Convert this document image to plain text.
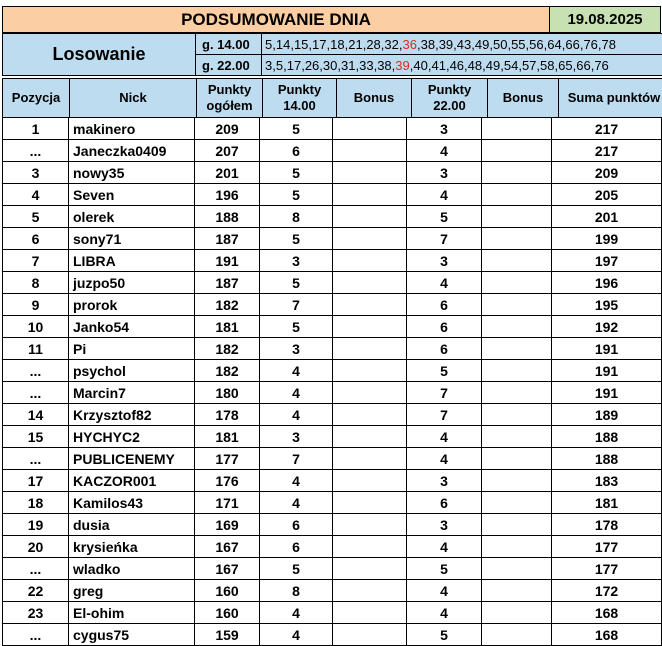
PODSUMOWANIE DNIA	19.08.2025
Losowanie	g. 14.00	5,14,15,17,18,21,28,32,36,38,39,43,49,50,55,56,64,66,76,78
	g. 22.00	3,5,17,26,30,31,33,38,39,40,41,46,48,49,54,57,58,65,66,76
Pozycja	Nick	Punkty ogółem	Punkty 14.00	Bonus	Punkty 22.00	Bonus	Suma punktów
1	makinero	209	5		3		217
...	Janeczka0409	207	6		4		217
3	nowy35	201	5		3		209
4	Seven	196	5		4		205
5	olerek	188	8		5		201
6	sony71	187	5		7		199
7	LIBRA	191	3		3		197
8	juzpo50	187	5		4		196
9	prorok	182	7		6		195
10	Janko54	181	5		6		192
11	Pi	182	3		6		191
...	psychol	182	4		5		191
...	Marcin7	180	4		7		191
14	Krzysztof82	178	4		7		189
15	HYCHYC2	181	3		4		188
...	PUBLICENEMY	177	7		4		188
17	KACZOR001	176	4		3		183
18	Kamilos43	171	4		6		181
19	dusia	169	6		3		178
20	krysieńka	167	6		4		177
...	wladko	167	5		5		177
22	greg	160	8		4		172
23	El-ohim	160	4		4		168
...	cygus75	159	4		5		168
